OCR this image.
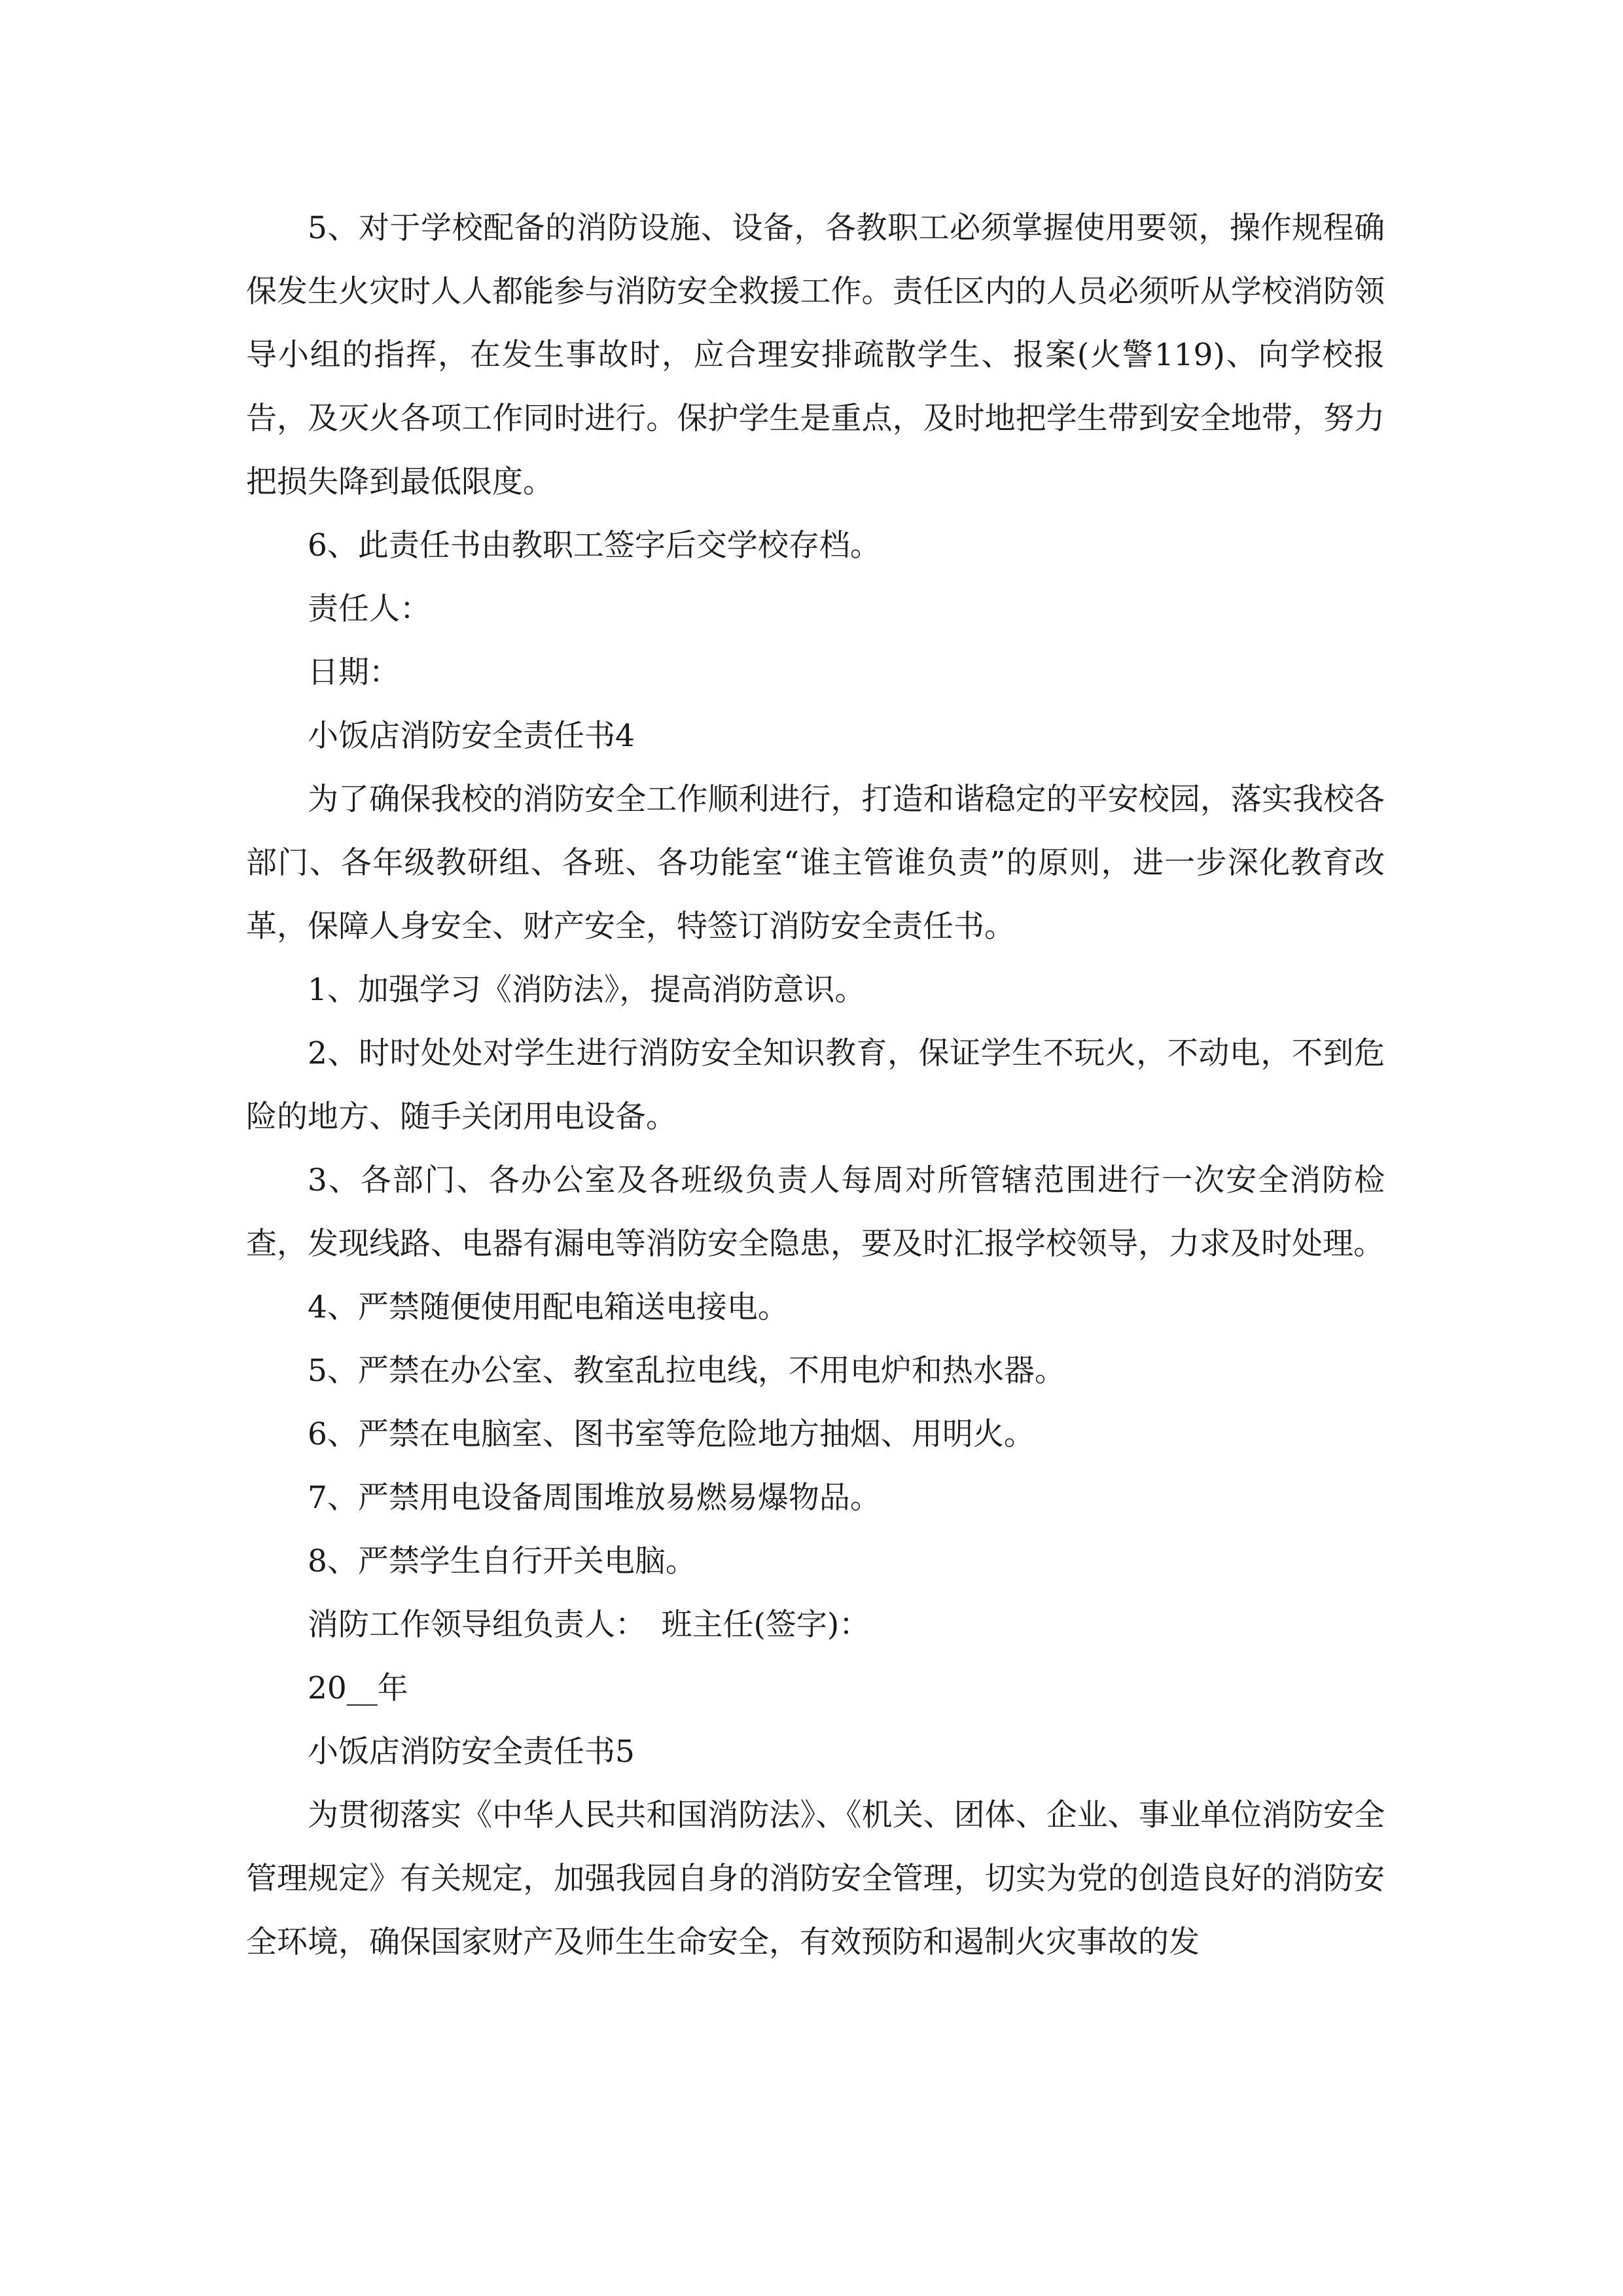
5、对于学校配备的消防设施、设备，各教职工必须掌握使用要领，操作规程确保发生火灾时人人都能参与消防安全救援工作。责任区内的人员必须听从学校消防领导小组的指挥，在发生事故时，应合理安排疏散学生、报案(火警119)、向学校报告，及灭火各项工作同时进行。保护学生是重点，及时地把学生带到安全地带，努力把损失降到最低限度。

6、此责任书由教职工签字后交学校存档。

责任人：

日期：

小饭店消防安全责任书4

为了确保我校的消防安全工作顺利进行，打造和谐稳定的平安校园，落实我校各部门、各年级教研组、各班、各功能室“谁主管谁负责”的原则，进一步深化教育改革，保障人身安全、财产安全，特签订消防安全责任书。

1、加强学习《消防法》，提高消防意识。

2、时时处处对学生进行消防安全知识教育，保证学生不玩火，不动电，不到危险的地方、随手关闭用电设备。

3、各部门、各办公室及各班级负责人每周对所管辖范围进行一次安全消防检查，发现线路、电器有漏电等消防安全隐患，要及时汇报学校领导，力求及时处理。

4、严禁随便使用配电箱送电接电。

5、严禁在办公室、教室乱拉电线，不用电炉和热水器。

6、严禁在电脑室、图书室等危险地方抽烟、用明火。

7、严禁用电设备周围堆放易燃易爆物品。

8、严禁学生自行开关电脑。

消防工作领导组负责人：　班主任(签字)：

20__年

小饭店消防安全责任书5

为贯彻落实《中华人民共和国消防法》、《机关、团体、企业、事业单位消防安全管理规定》有关规定，加强我园自身的消防安全管理，切实为党的创造良好的消防安全环境，确保国家财产及师生生命安全，有效预防和遏制火灾事故的发
